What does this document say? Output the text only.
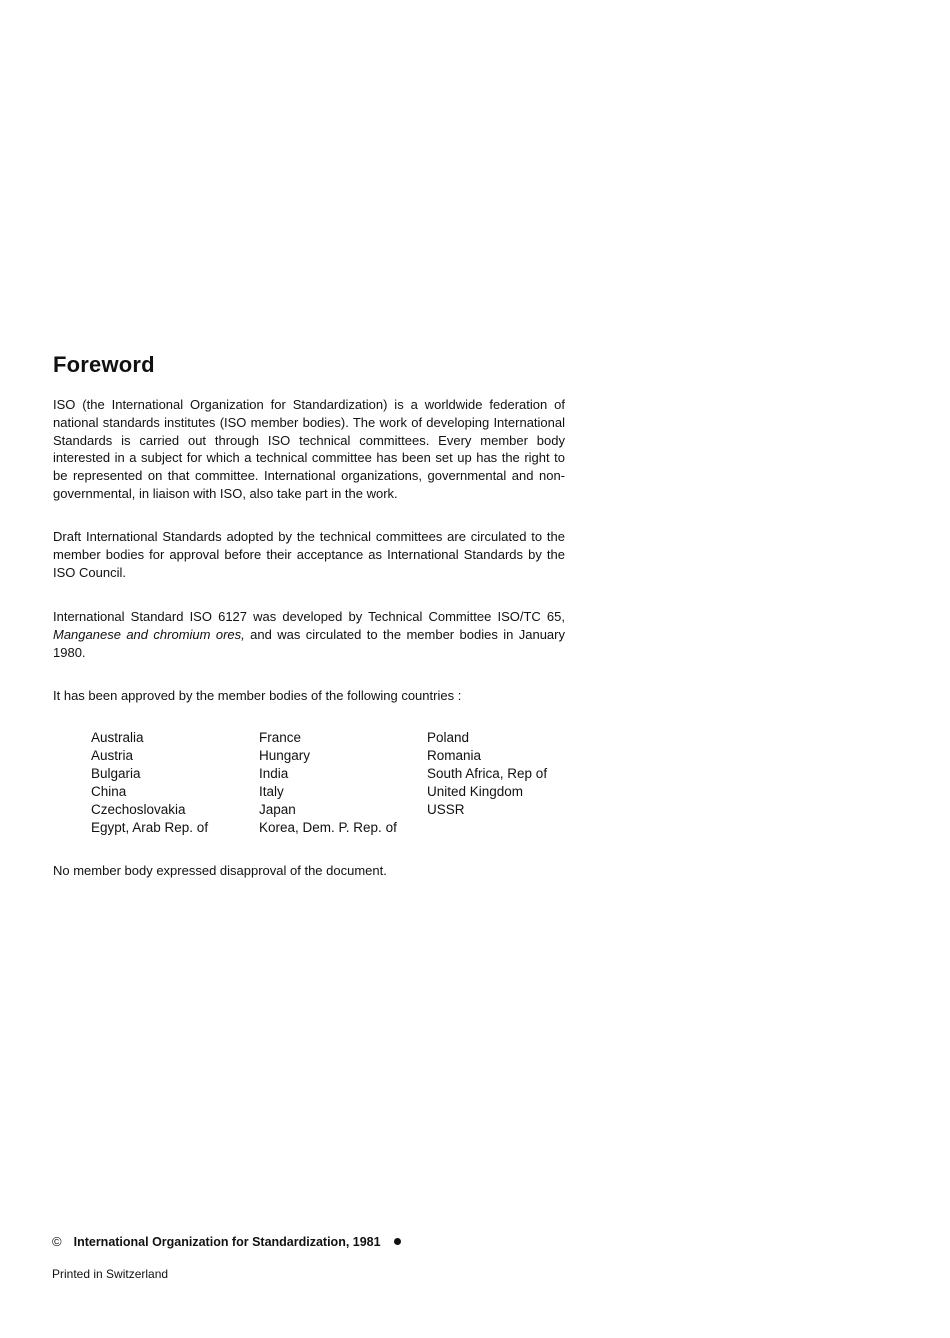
Foreword

ISO (the International Organization for Standardization) is a worldwide federation of national standards institutes (ISO member bodies). The work of developing International Standards is carried out through ISO technical committees. Every member body interested in a subject for which a technical committee has been set up has the right to be represented on that committee. International organizations, governmental and non-governmental, in liaison with ISO, also take part in the work.

Draft International Standards adopted by the technical committees are circulated to the member bodies for approval before their acceptance as International Standards by the ISO Council.

International Standard ISO 6127 was developed by Technical Committee ISO/TC 65, Manganese and chromium ores, and was circulated to the member bodies in January 1980.

It has been approved by the member bodies of the following countries :

Australia
Austria
Bulgaria
China
Czechoslovakia
Egypt, Arab Rep. of
France
Hungary
India
Italy
Japan
Korea, Dem. P. Rep. of
Poland
Romania
South Africa, Rep of
United Kingdom
USSR

No member body expressed disapproval of the document.

© International Organization for Standardization, 1981
Printed in Switzerland
